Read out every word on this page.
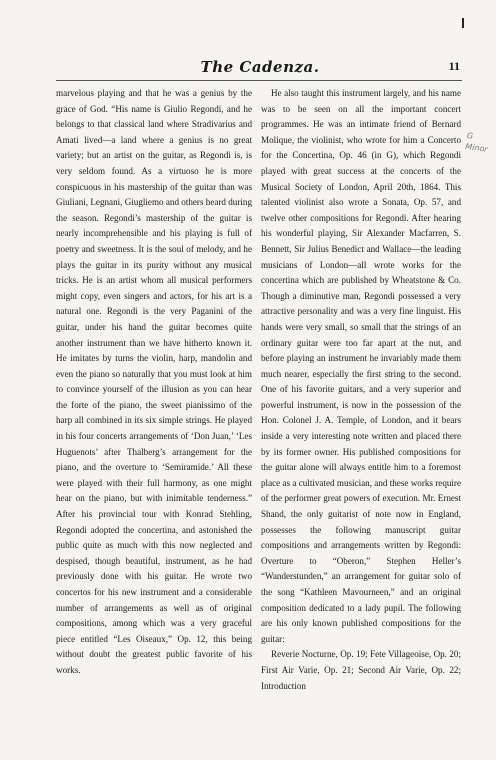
The Cadenza.	11

marvelous playing and that he was a genius by the grace of God. “His name is Giulio Regondi, and he belongs to that classical land where Stradivarius and Amati lived—a land where a genius is no great variety; but an artist on the guitar, as Regondi is, is very seldom found. As a virtuoso he is more conspicuous in his mastership of the guitar than was Giuliani, Legnani, Giugliemo and others heard during the season. Regondi’s mastership of the guitar is nearly incomprehensible and his playing is full of poetry and sweetness. It is the soul of melody, and he plays the guitar in its purity without any musical tricks. He is an artist whom all musical performers might copy, even singers and actors, for his art is a natural one. Regondi is the very Paganini of the guitar, under his hand the guitar becomes quite another instrument than we have hitherto known it. He imitates by turns the violin, harp, mandolin and even the piano so naturally that you must look at him to convince yourself of the illusion as you can hear the forte of the piano, the sweet pianissimo of the harp all combined in its six simple strings. He played in his four concerts arrangements of ‘Don Juan,’ ‘Les Huguenots’ after Thalberg’s arrangement for the piano, and the overture to ‘Semiramide.’ All these were played with their full harmony, as one might hear on the piano, but with inimitable tenderness.” After his provincial tour with Konrad Stehling, Regondi adopted the concertina, and astonished the public quite as much with this now neglected and despised, though beautiful, instrument, as he had previously done with his guitar. He wrote two concertos for his new instrument and a considerable number of arrangements as well as of original compositions, among which was a very graceful piece entitled “Les Oiseaux,” Op. 12, this being without doubt the greatest public favorite of his works.

He also taught this instrument largely, and his name was to be seen on all the important concert programmes. He was an intimate friend of Bernard Molique, the violinist, who wrote for him a Concerto for the Concertina, Op. 46 (in G), which Regondi played with great success at the concerts of the Musical Society of London, April 20th, 1864. This talented violinist also wrote a Sonata, Op. 57, and twelve other compositions for Regondi. After hearing his wonderful playing, Sir Alexander Macfarren, S. Bennett, Sir Julius Benedict and Wallace—the leading musicians of London—all wrote works for the concertina which are published by Wheatstone & Co. Though a diminutive man, Regondi possessed a very attractive personality and was a very fine linguist. His hands were very small, so small that the strings of an ordinary guitar were too far apart at the nut, and before playing an instrument he invariably made them much nearer, especially the first string to the second. One of his favorite guitars, and a very superior and powerful instrument, is now in the possession of the Hon. Colonel J. A. Temple, of London, and it bears inside a very interesting note written and placed there by its former owner. His published compositions for the guitar alone will always entitle him to a foremost place as a cultivated musician, and these works require of the performer great powers of execution. Mr. Ernest Shand, the only guitarist of note now in England, possesses the following manuscript guitar compositions and arrangements written by Regondi: Overture to “Oberon,” Stephen Heller’s “Wanderstunden,” an arrangement for guitar solo of the song “Kathleen Mavourneen,” and an original composition dedicated to a lady pupil. The following are his only known published compositions for the guitar:

Reverie Nocturne, Op. 19; Fete Villageoise, Op. 20; First Air Varie, Op. 21; Second Air Varie, Op. 22; Introduction

G Minor
